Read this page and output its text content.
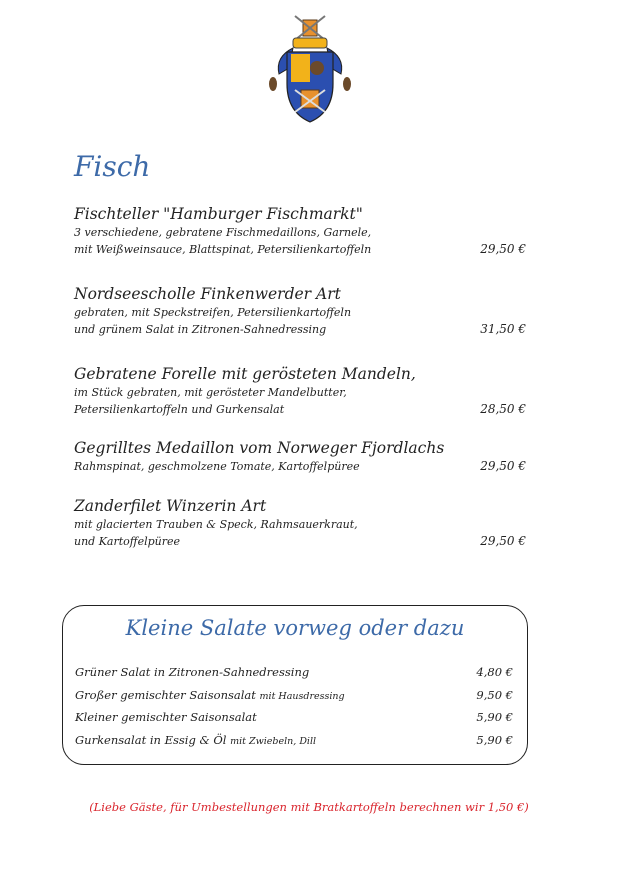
Fisch
Fischteller "Hamburger Fischmarkt"
3 verschiedene, gebratene Fischmedaillons, Garnele,
mit Weißweinsauce, Blattspinat, Petersilienkartoffeln	29,50 €
Nordseescholle Finkenwerder Art
gebraten, mit Speckstreifen, Petersilienkartoffeln
und grünem Salat in Zitronen-Sahnedressing	31,50 €
Gebratene Forelle mit gerösteten Mandeln,
im Stück gebraten, mit gerösteter Mandelbutter,
Petersilienkartoffeln und Gurkensalat	28,50 €
Gegrilltes Medaillon vom Norweger Fjordlachs
Rahmspinat, geschmolzene Tomate, Kartoffelpüree	29,50 €
Zanderfilet Winzerin Art
mit glacierten Trauben & Speck, Rahmsauerkraut,
und Kartoffelpüree	29,50 €
Kleine Salate vorweg oder dazu
Grüner Salat in Zitronen-Sahnedressing	4,80 €
Großer gemischter Saisonsalat mit Hausdressing	9,50 €
Kleiner gemischter Saisonsalat	5,90 €
Gurkensalat in Essig & Öl mit Zwiebeln, Dill	5,90 €
(Liebe Gäste, für Umbestellungen mit Bratkartoffeln berechnen wir 1,50 €)
